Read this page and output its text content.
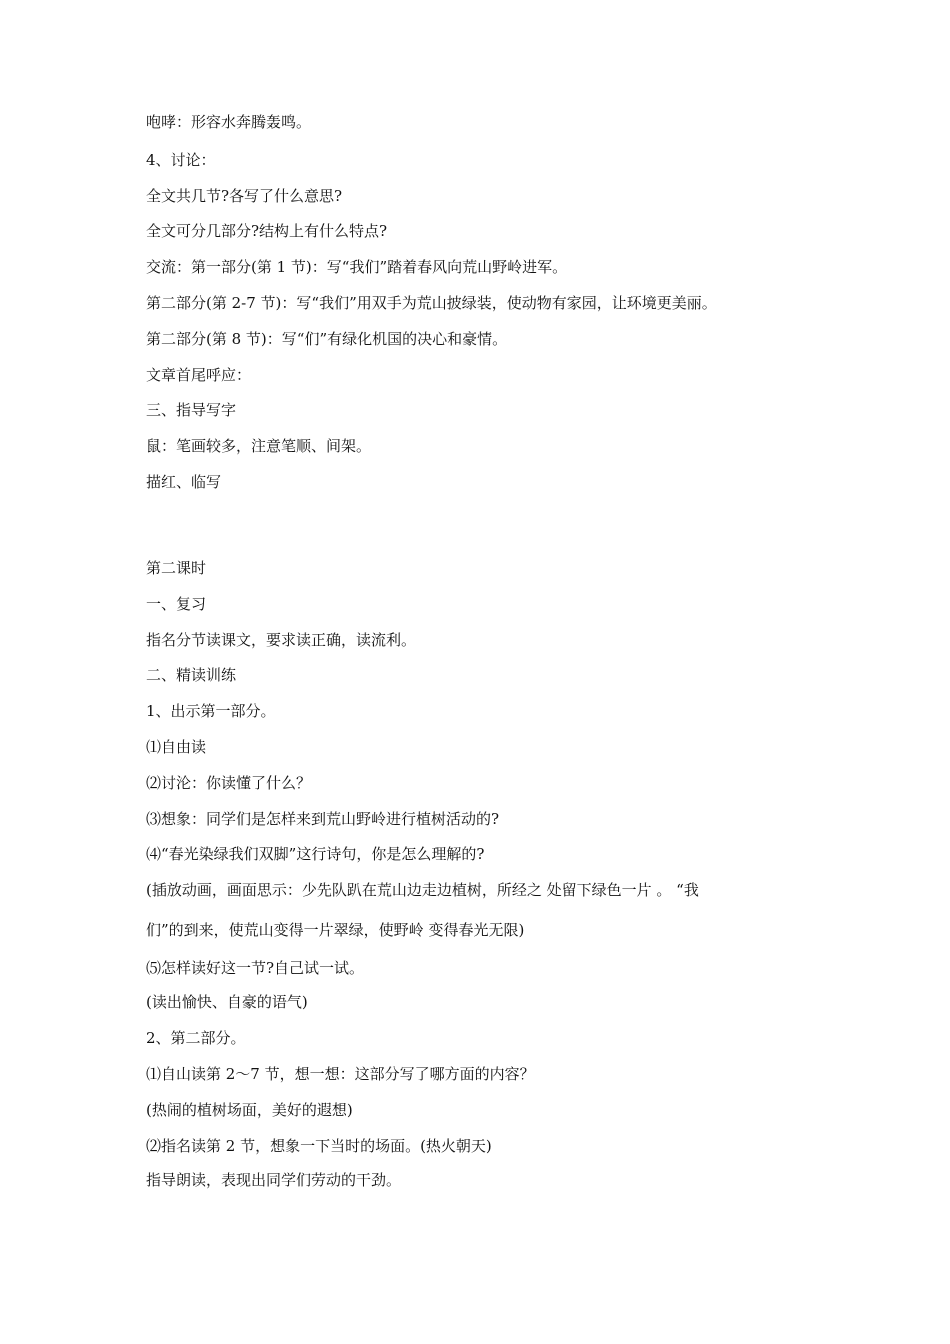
咆哮：形容水奔腾轰鸣。
4、讨论：
全文共几节?各写了什么意思?
全文可分几部分?结构上有什么特点?
交流：第一部分(第 1 节)：写“我们”踏着春风向荒山野岭进军。
第二部分(第 2-7 节)：写“我们”用双手为荒山披绿装，使动物有家园，让环境更美丽。
第二部分(第 8 节)：写“们”有绿化机国的决心和豪情。
文章首尾呼应：
三、指导写字
鼠：笔画较多，注意笔顺、间架。
描红、临写
第二课时
一、复习
指名分节读课文，要求读正确，读流利。
二、精读训练
1、出示第一部分。
⑴自由读
⑵讨沦：你读懂了什么？
⑶想象：同学们是怎样来到荒山野岭进行植树活动的?
⑷“春光染绿我们双脚”这行诗句，你是怎么理解的?
(插放动画，画面思示：少先队趴在荒山边走边植树，所经之 处留下绿色一片 。 “我
们”的到来，使荒山变得一片翠绿，使野岭 变得春光无限)
⑸怎样读好这一节?自己试一试。
(读出愉快、自豪的语气)
2、第二部分。
⑴自山读第 2～7 节，想一想：这部分写了哪方面的内容？
(热闹的植树场面，美好的遐想)
⑵指名读第 2 节，想象一下当时的场面。(热火朝天)
指导朗读，表现出同学们劳动的干劲。
